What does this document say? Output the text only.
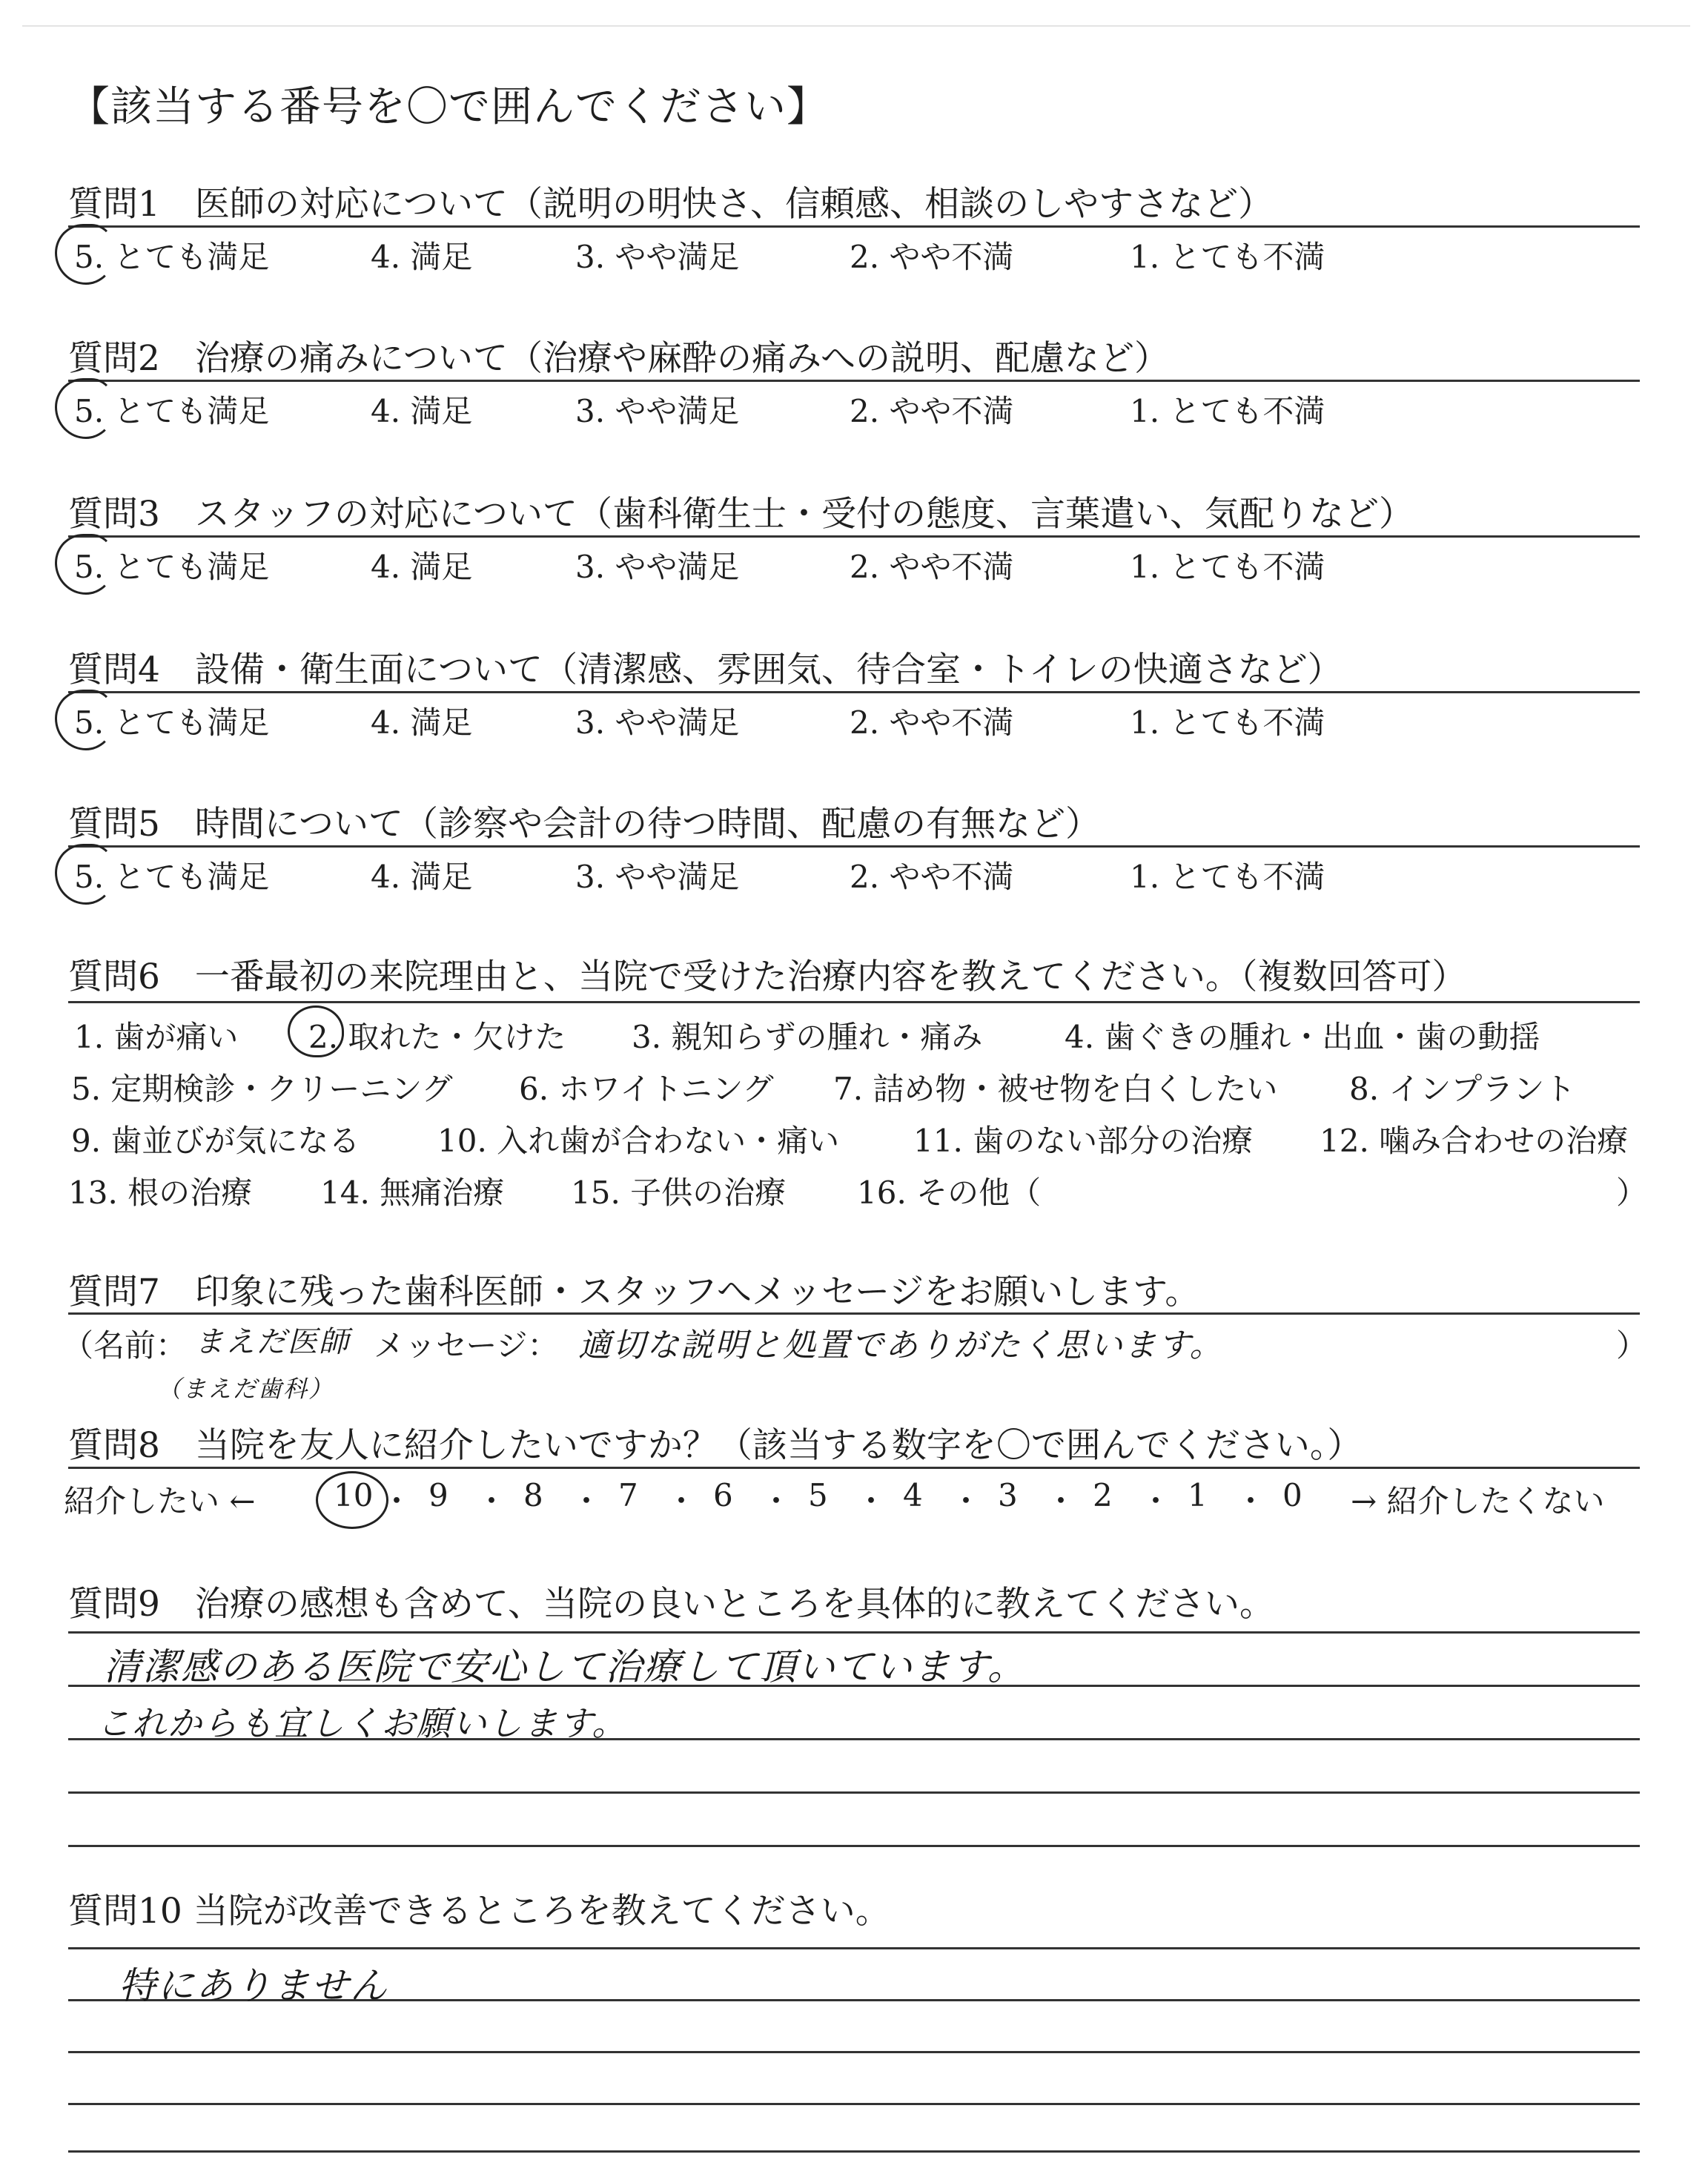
【該当する番号を〇で囲んでください】
質問1　医師の対応について（説明の明快さ、信頼感、相談のしやすさなど）
5. とても満足	4. 満足	3. やや満足	2. やや不満	1. とても不満
質問2　治療の痛みについて（治療や麻酔の痛みへの説明、配慮など）
5. とても満足	4. 満足	3. やや満足	2. やや不満	1. とても不満
質問3　スタッフの対応について（歯科衛生士・受付の態度、言葉遣い、気配りなど）
5. とても満足	4. 満足	3. やや満足	2. やや不満	1. とても不満
質問4　設備・衛生面について（清潔感、雰囲気、待合室・トイレの快適さなど）
5. とても満足	4. 満足	3. やや満足	2. やや不満	1. とても不満
質問5　時間について（診察や会計の待つ時間、配慮の有無など）
5. とても満足	4. 満足	3. やや満足	2. やや不満	1. とても不満
質問6　一番最初の来院理由と、当院で受けた治療内容を教えてください。（複数回答可）
1. 歯が痛い 2. 取れた・欠けた 3. 親知らずの腫れ・痛み	4. 歯ぐきの腫れ・出血・歯の動揺
5. 定期検診・クリーニング 6. ホワイトニング 7. 詰め物・被せ物を白くしたい 8. インプラント
9. 歯並びが気になる 10. 入れ歯が合わない・痛い 11. 歯のない部分の治療 12. 噛み合わせの治療
13. 根の治療 14. 無痛治療 15. 子供の治療 16. その他（	）
質問7　印象に残った歯科医師・スタッフへメッセージをお願いします。
（名前： まえだ医師
（まえだ歯科）
メッセージ： 適切な説明と処置でありがたく思います。	）
質問8　当院を友人に紹介したいですか？（該当する数字を〇で囲んでください。）
紹介したい ←	10 ・ 9 ・ 8 ・ 7 ・ 6 ・ 5 ・ 4 ・ 3 ・ 2 ・ 1 ・ 0 → 紹介したくない
質問9　治療の感想も含めて、当院の良いところを具体的に教えてください。
清潔感のある医院で安心して治療して頂いています。
これからも宜しくお願いします。
質問10 当院が改善できるところを教えてください。
特にありません
